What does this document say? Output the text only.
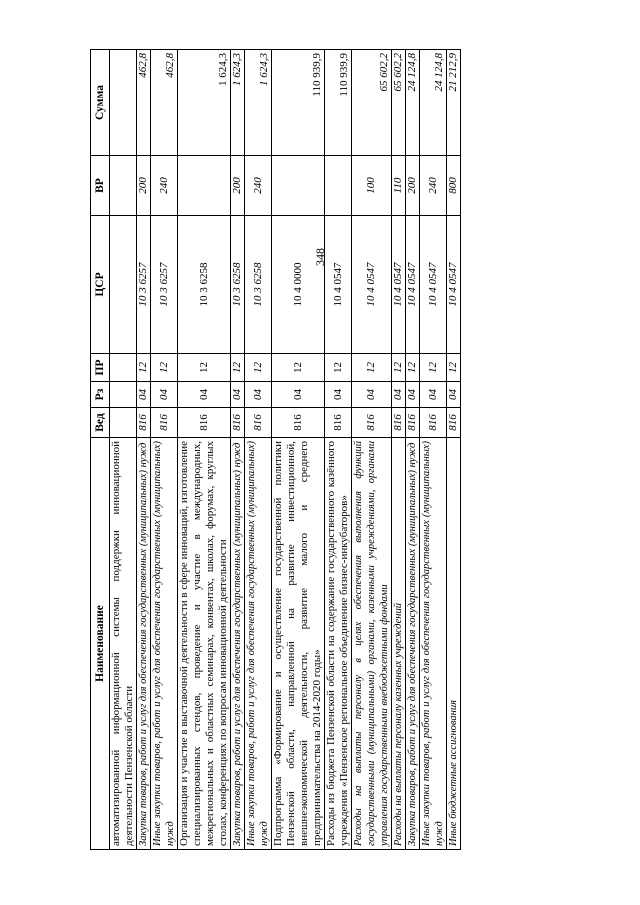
348
Наименование	Вед	Рз	ПР	ЦСР	ВР	Сумма
автоматизированной информационной системы поддержки инновационной деятельности Пензенской области						
Закупка товаров, работ и услуг для обеспечения государственных (муниципальных) нужд	816	04	12	10 3 6257	200	462,8
Иные закупки товаров, работ и услуг для обеспечения государственных (муниципальных) нужд	816	04	12	10 3 6257	240	462,8
Организация и участие в выставочной деятельности в сфере инноваций, изготовление специализированных стендов, проведение и участие в международных, межрегиональных и областных семинарах, конвентах, школах, форумах, круглых столах, конференциях по вопросам инновационной деятельности	816	04	12	10 3 6258		1 624,3
Закупка товаров, работ и услуг для обеспечения государственных (муниципальных) нужд	816	04	12	10 3 6258	200	1 624,3
Иные закупки товаров, работ и услуг для обеспечения государственных (муниципальных) нужд	816	04	12	10 3 6258	240	1 624,3
Подпрограмма «Формирование и осуществление государственной политики Пензенской области, направленной на развитие инвестиционной, внешнеэкономической деятельности, развитие малого и среднего предпринимательства на 2014-2020 годы»	816	04	12	10 4 0000		110 939,9
Расходы из бюджета Пензенской области на содержание государственного казённого учреждения «Пензенское региональное объединение бизнес-инкубаторов»	816	04	12	10 4 0547		110 939,9
Расходы на выплаты персоналу в целях обеспечения выполнения функций государственными (муниципальными) органами, казенными учреждениями, органами управления государственными внебюджетными фондами	816	04	12	10 4 0547	100	65 602,2
Расходы на выплаты персоналу казенных учреждений	816	04	12	10 4 0547	110	65 602,2
Закупка товаров, работ и услуг для обеспечения государственных (муниципальных) нужд	816	04	12	10 4 0547	200	24 124,8
Иные закупки товаров, работ и услуг для обеспечения государственных (муниципальных) нужд	816	04	12	10 4 0547	240	24 124,8
Иные бюджетные ассигнования	816	04	12	10 4 0547	800	21 212,9
